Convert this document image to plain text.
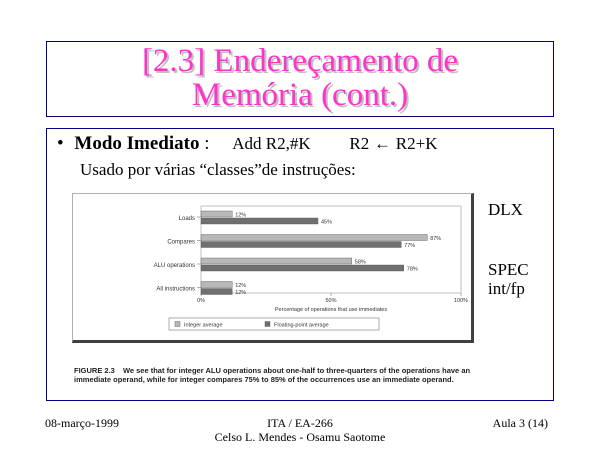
[2.3] Endereçamento de
Memória (cont.)
• Modo Imediato : Add R2,#K R2 ← R2+K
Usado por várias “classes”de instruções:
DLX
SPEC
int/fp
Loads
12%
45%
Compares
87%
77%
ALU operations
58%
78%
All instructions
12%
12%
0%	50%	100%
Percentage of operations that use immediates
Integer average	Floating-point average
FIGURE 2.3 We see that for integer ALU operations about one-half to three-quarters of the operations have an immediate operand, while for integer compares 75% to 85% of the occurrences use an immediate operand.
08-março-1999	ITA / EA-266
Celso L. Mendes - Osamu Saotome
Aula 3 (14)
